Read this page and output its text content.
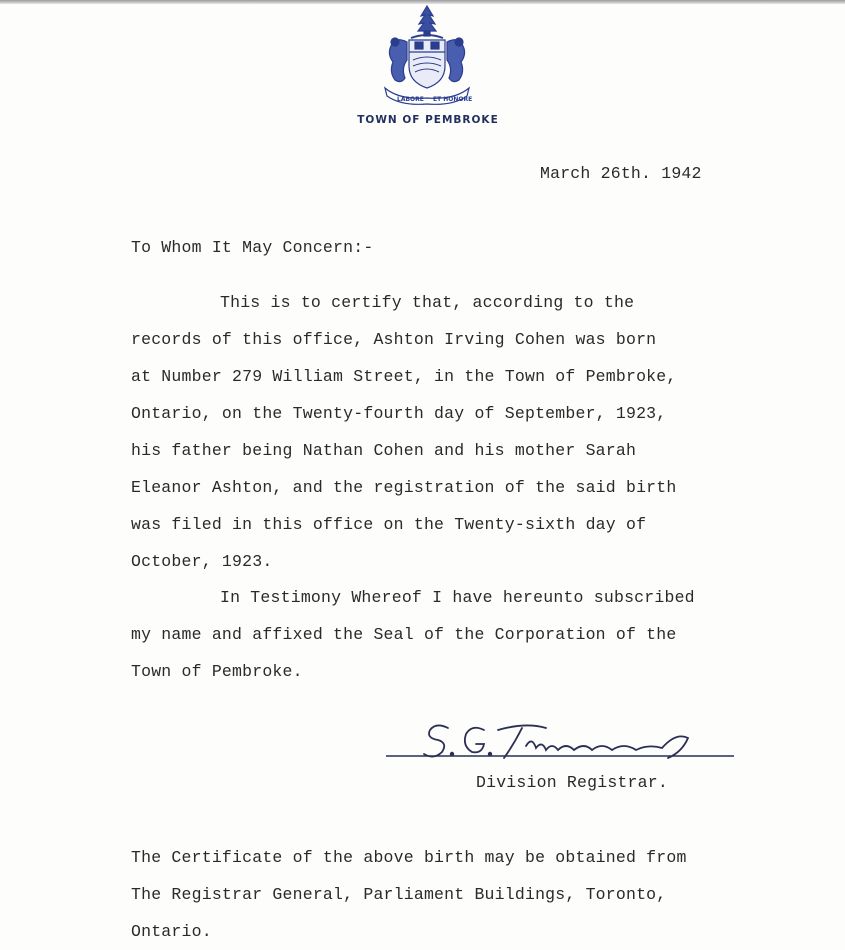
LABORE ET HONORE
TOWN OF PEMBROKE
March 26th. 1942
To Whom It May Concern:-
This is to certify that, according to the
records of this office, Ashton Irving Cohen was born
at Number 279 William Street, in the Town of Pembroke,
Ontario, on the Twenty-fourth day of September, 1923,
his father being Nathan Cohen and his mother Sarah
Eleanor Ashton, and the registration of the said birth
was filed in this office on the Twenty-sixth day of
October, 1923.
In Testimony Whereof I have hereunto subscribed
my name and affixed the Seal of the Corporation of the
Town of Pembroke.
Division Registrar.
The Certificate of the above birth may be obtained from
The Registrar General, Parliament Buildings, Toronto,
Ontario.
